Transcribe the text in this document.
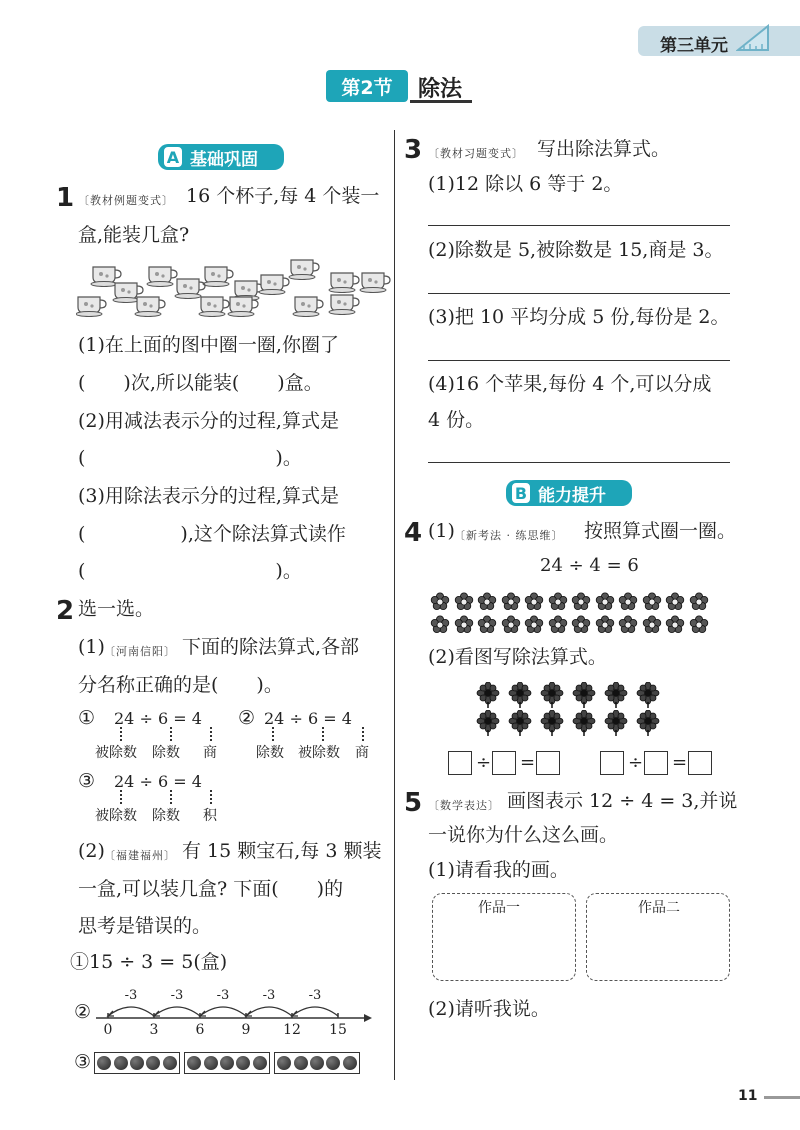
第三单元
第2节 除法
A 基础巩固
1 〔教材例题变式〕 16 个杯子,每 4 个装一
盒,能装几盒?
(1)在上面的图中圈一圈,你圈了
(　　)次,所以能装(　　)盒。
(2)用减法表示分的过程,算式是
(　　　　　　　　　　)。
(3)用除法表示分的过程,算式是
(　　　　　),这个除法算式读作
(　　　　　　　　　　)。
2 选一选。
(1) 〔河南信阳〕 下面的除法算式,各部
分名称正确的是(　　)。
① 24 ÷ 6 = 4
被除数 除数 商
② 24 ÷ 6 = 4
除数 被除数 商
③ 24 ÷ 6 = 4
被除数 除数 积
(2) 〔福建福州〕 有 15 颗宝石,每 3 颗装
一盒,可以装几盒? 下面(　　)的
思考是错误的。
①15 ÷ 3 = 5(盒)
②
0	3	6	9	12 15
-3	-3	-3	-3	-3
③
3 〔教材习题变式〕 写出除法算式。
(1)12 除以 6 等于 2。
(2)除数是 5,被除数是 15,商是 3。
(3)把 10 平均分成 5 份,每份是 2。
(4)16 个苹果,每份 4 个,可以分成
4 份。
B 能力提升
4 (1) 〔新考法 · 练思维〕 按照算式圈一圈。
24 ÷ 4 = 6
(2)看图写除法算式。
÷ =	÷ =
5 〔数学表达〕 画图表示 12 ÷ 4 = 3,并说
一说你为什么这么画。
(1)请看我的画。
作品一	作品二
(2)请听我说。
11
